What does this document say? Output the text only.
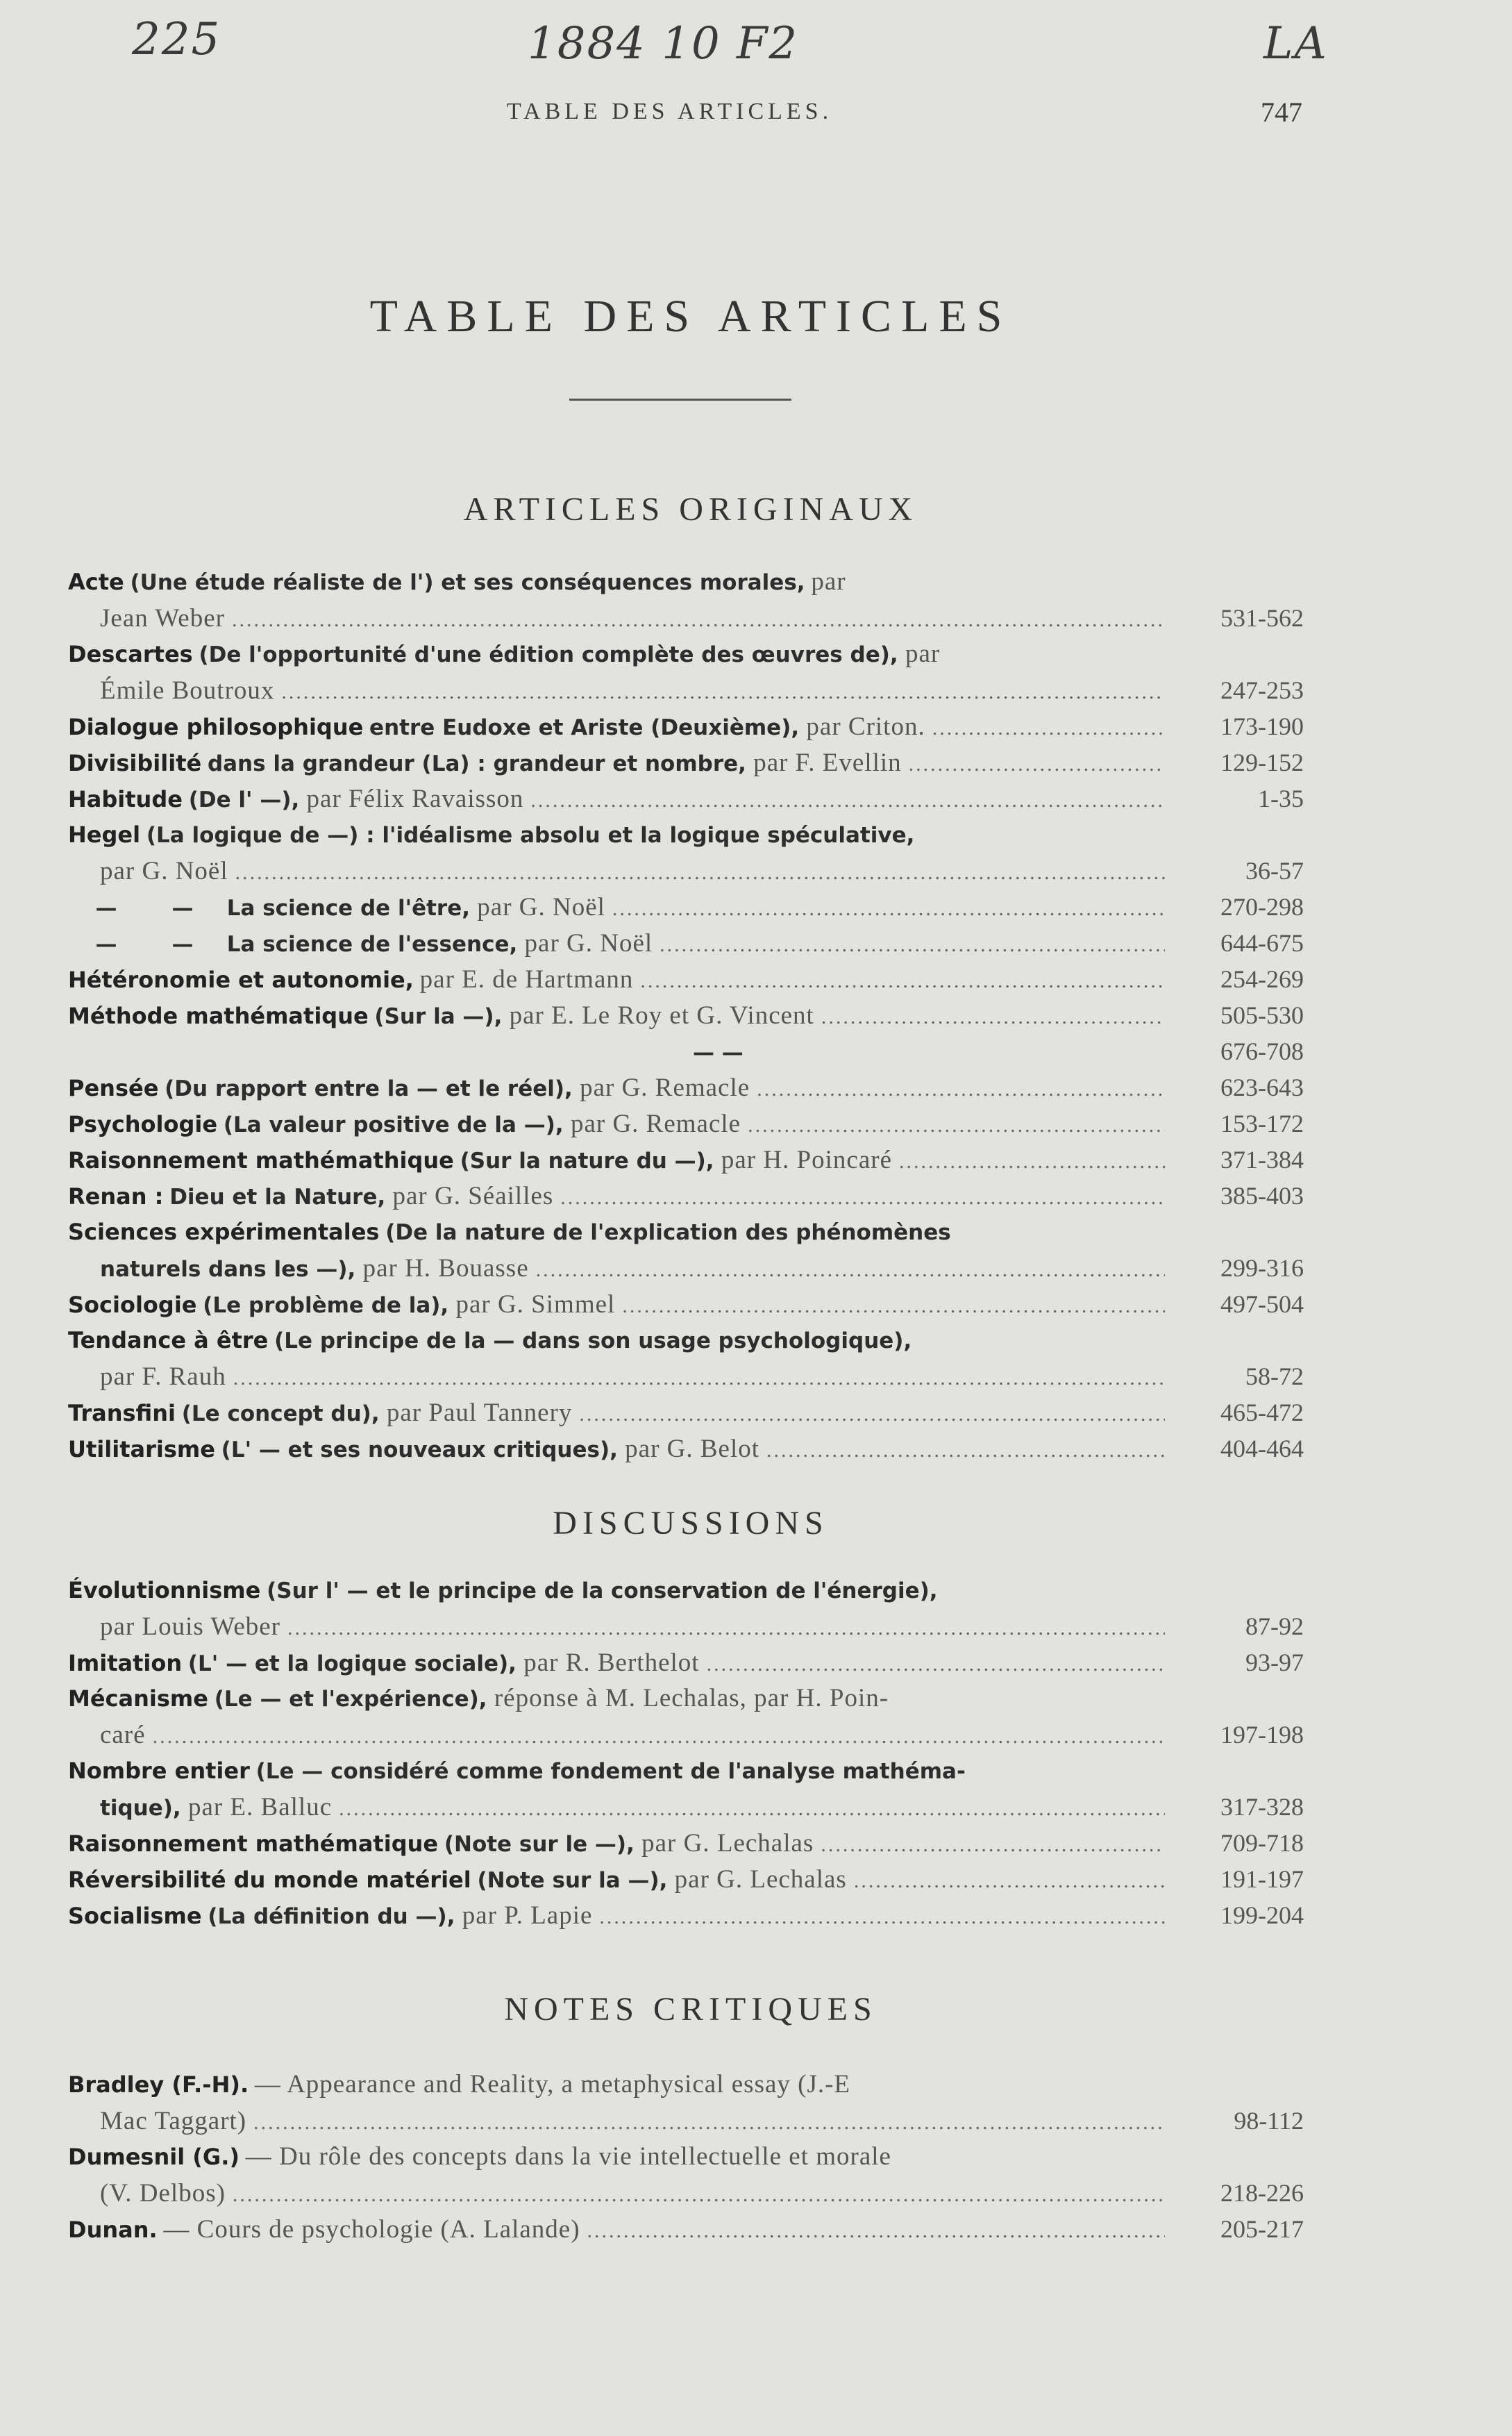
225	1884 10 F2	LA
TABLE DES ARTICLES.	747
TABLE DES ARTICLES
ARTICLES ORIGINAUX
Acte (Une étude réaliste de l') et ses conséquences morales, par
Jean Weber .....	531-562
Descartes (De l'opportunité d'une édition complète des œuvres de), par
Émile Boutroux .....	247-253
Dialogue philosophique entre Eudoxe et Ariste (Deuxième), par Criton. .....	173-190
Divisibilité dans la grandeur (La) : grandeur et nombre, par F. Evellin .....	129-152
Habitude (De l' —), par Félix Ravaisson .....	1-35
Hegel (La logique de —) : l'idéalisme absolu et la logique spéculative,
par G. Noël .....	36-57
—	— La science de l'être, par G. Noël .....	270-298
—	— La science de l'essence, par G. Noël .....	644-675
Hétéronomie et autonomie, par E. de Hartmann .....	254-269
Méthode mathématique (Sur la —), par E. Le Roy et G. Vincent .....	505-530
— —	676-708
Pensée (Du rapport entre la — et le réel), par G. Remacle .....	623-643
Psychologie (La valeur positive de la —), par G. Remacle .....	153-172
Raisonnement mathémathique (Sur la nature du —), par H. Poincaré .....	371-384
Renan : Dieu et la Nature, par G. Séailles .....	385-403
Sciences expérimentales (De la nature de l'explication des phénomènes
naturels dans les —), par H. Bouasse .....	299-316
Sociologie (Le problème de la), par G. Simmel .....	497-504
Tendance à être (Le principe de la — dans son usage psychologique),
par F. Rauh .....	58-72
Transfini (Le concept du), par Paul Tannery .....	465-472
Utilitarisme (L' — et ses nouveaux critiques), par G. Belot .....	404-464
DISCUSSIONS
Évolutionnisme (Sur l' — et le principe de la conservation de l'énergie),
par Louis Weber .....	87-92
Imitation (L' — et la logique sociale), par R. Berthelot .....	93-97
Mécanisme (Le — et l'expérience), réponse à M. Lechalas, par H. Poin-
caré .....	197-198
Nombre entier (Le — considéré comme fondement de l'analyse mathéma-
tique), par E. Balluc .....	317-328
Raisonnement mathématique (Note sur le —), par G. Lechalas .....	709-718
Réversibilité du monde matériel (Note sur la —), par G. Lechalas .....	191-197
Socialisme (La définition du —), par P. Lapie .....	199-204
NOTES CRITIQUES
Bradley (F.-H). — Appearance and Reality, a metaphysical essay (J.-E
Mac Taggart) .....	98-112
Dumesnil (G.) — Du rôle des concepts dans la vie intellectuelle et morale
(V. Delbos) .....	218-226
Dunan. — Cours de psychologie (A. Lalande) .....	205-217
